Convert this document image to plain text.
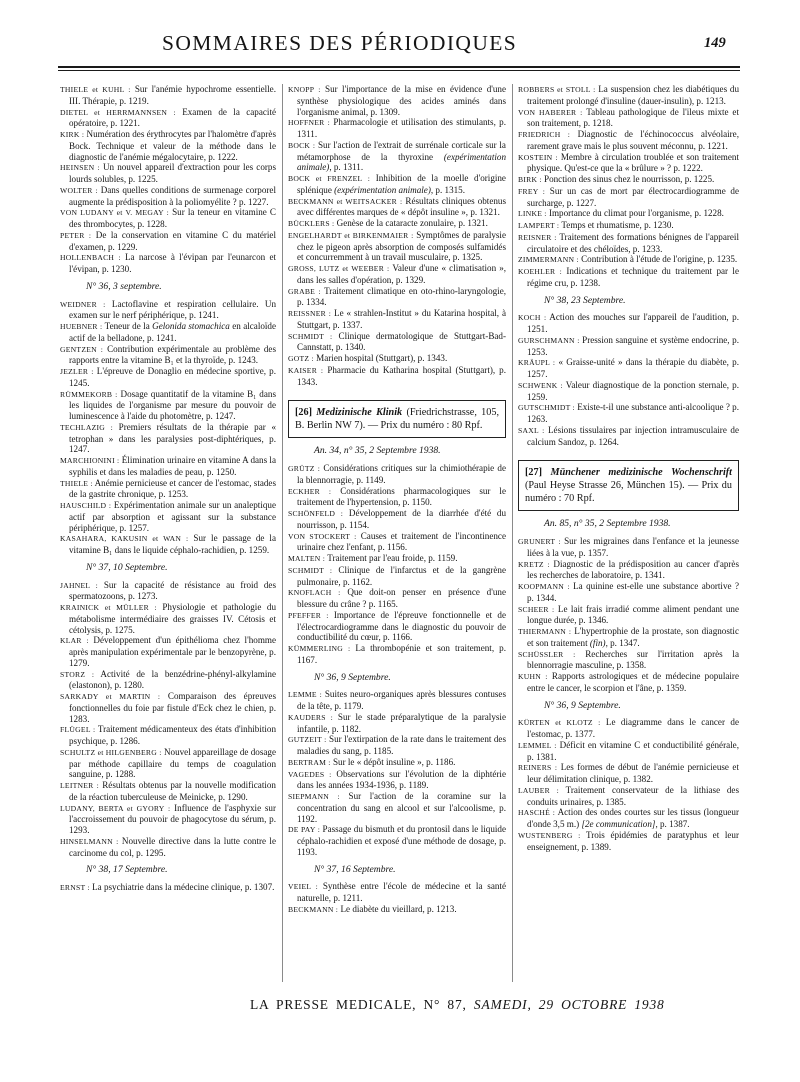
SOMMAIRES DES PÉRIODIQUES	149

THIELE et KUHL : Sur l'anémie hypochrome essentielle. III. Thérapie, p. 1219.

DIETEL et HERRMANNSEN : Examen de la capacité opératoire, p. 1221.

KIRK : Numération des érythrocytes par l'halomètre d'après Bock. Technique et valeur de la méthode dans le diagnostic de l'anémie mégalocytaire, p. 1222.

HEINSEN : Un nouvel appareil d'extraction pour les corps lourds solubles, p. 1225.

WOLTER : Dans quelles conditions de surmenage corporel augmente la prédisposition à la poliomyélite ? p. 1227.

VON LUDANY et V. MEGAY : Sur la teneur en vitamine C des thrombocytes, p. 1228.

PETER : De la conservation en vitamine C du matériel d'examen, p. 1229.

HOLLENBACH : La narcose à l'évipan par l'eunarcon et l'évipan, p. 1230.

N° 36, 3 septembre.

WEIDNER : Lactoflavine et respiration cellulaire. Un examen sur le nerf périphérique, p. 1241.

HUEBNER : Teneur de la Gelonida stomachica en alcaloïde actif de la belladone, p. 1241.

GENTZEN : Contribution expérimentale au problème des rapports entre la vitamine B₁ et la thyroïde, p. 1243.

JEZLER : L'épreuve de Donaglio en médecine sportive, p. 1245.

RÜMMEKORB : Dosage quantitatif de la vitamine B₁ dans les liquides de l'organisme par mesure du pouvoir de luminescence à l'aide du photomètre, p. 1247.

TECHLAZIG : Premiers résultats de la thérapie par « tetrophan » dans les paralysies post-diphtériques, p. 1247.

MARCHIONINI : Élimination urinaire en vitamine A dans la syphilis et dans les maladies de peau, p. 1250.

THIELE : Anémie pernicieuse et cancer de l'estomac, stades de la gastrite chronique, p. 1253.

HAUSCHILD : Expérimentation animale sur un analeptique actif par absorption et agissant sur la substance périphérique, p. 1257.

KASAHARA, KAKUSIN et WAN : Sur le passage de la vitamine B₁ dans le liquide céphalo-rachidien, p. 1259.

N° 37, 10 Septembre.

JAHNEL : Sur la capacité de résistance au froid des spermatozoons, p. 1273.

KRAINICK et MÜLLER : Physiologie et pathologie du métabolisme intermédiaire des graisses IV. Cétosis et cétolysis, p. 1275.

KLAR : Développement d'un épithélioma chez l'homme après manipulation expérimentale par le benzopyrène, p. 1279.

STORZ : Activité de la benzédrine-phényl-alkylamine (elastonon), p. 1280.

SARKADY et MARTIN : Comparaison des épreuves fonctionnelles du foie par fistule d'Eck chez le chien, p. 1283.

FLÜGEL : Traitement médicamenteux des états d'inhibition psychique, p. 1286.

SCHULTZ et HILGENBERG : Nouvel appareillage de dosage par méthode capillaire du temps de coagulation sanguine, p. 1288.

LEITNER : Résultats obtenus par la nouvelle modification de la réaction tuberculeuse de Meinicke, p. 1290.

LUDANY, BERTA et GYORY : Influence de l'asphyxie sur l'accroissement du pouvoir de phagocytose du sérum, p. 1293.

HINSELMANN : Nouvelle directive dans la lutte contre le carcinome du col, p. 1295.

N° 38, 17 Septembre.

ERNST : La psychiatrie dans la médecine clinique, p. 1307.

KNOPP : Sur l'importance de la mise en évidence d'une synthèse physiologique des acides aminés dans l'organisme animal, p. 1309.

HOFFNER : Pharmacologie et utilisation des stimulants, p. 1311.

BOCK : Sur l'action de l'extrait de surrénale corticale sur la métamorphose de la thyroxine (expérimentation animale), p. 1311.

BOCK et FRENZEL : Inhibition de la moelle d'origine splénique (expérimentation animale), p. 1315.

BECKMANN et WEITSACKER : Résultats cliniques obtenus avec différentes marques de « dépôt insuline », p. 1321.

BÜCKLERS : Genèse de la cataracte zonulaire, p. 1321.

ENGELHARDT et BIRKENMAIER : Symptômes de paralysie chez le pigeon après absorption de composés sulfamidés et concurremment à un travail musculaire, p. 1325.

GROSS, LUTZ et WEEBER : Valeur d'une « climatisation », dans les salles d'opération, p. 1329.

GRABE : Traitement climatique en oto-rhino-laryngologie, p. 1334.

REISSNER : Le « strahlen-Institut » du Katarina hospital, à Stuttgart, p. 1337.

SCHMIDT : Clinique dermatologique de Stuttgart-Bad-Cannstatt, p. 1340.

GOTZ : Marien hospital (Stuttgart), p. 1343.

KAISER : Pharmacie du Katharina hospital (Stuttgart), p. 1343.

[26] Medizinische Klinik (Friedrichstrasse, 105, B. Berlin NW 7). — Prix du numéro : 80 Rpf.
An. 34, n° 35, 2 Septembre 1938.

GRÜTZ : Considérations critiques sur la chimiothérapie de la blennorragie, p. 1149.

ECKHER : Considérations pharmacologiques sur le traitement de l'hypertension, p. 1150.

SCHÖNFELD : Développement de la diarrhée d'été du nourrisson, p. 1154.

VON STOCKERT : Causes et traitement de l'incontinence urinaire chez l'enfant, p. 1156.

MALTEN : Traitement par l'eau froide, p. 1159.

SCHMIDT : Clinique de l'infarctus et de la gangrène pulmonaire, p. 1162.

KNOFLACH : Que doit-on penser en présence d'une blessure du crâne ? p. 1165.

PFEFFER : Importance de l'épreuve fonctionnelle et de l'électrocardiogramme dans le diagnostic du pouvoir de conductibilité du cœur, p. 1166.

KÜMMERLING : La thrombopénie et son traitement, p. 1167.

N° 36, 9 Septembre.

LEMME : Suites neuro-organiques après blessures contuses de la tête, p. 1179.

KAUDERS : Sur le stade préparalytique de la paralysie infantile, p. 1182.

GUTZEIT : Sur l'extirpation de la rate dans le traitement des maladies du sang, p. 1185.

BERTRAM : Sur le « dépôt insuline », p. 1186.

VAGEDES : Observations sur l'évolution de la diphtérie dans les années 1934-1936, p. 1189.

SIEPMANN : Sur l'action de la coramine sur la concentration du sang en alcool et sur l'alcoolisme, p. 1192.

DE PAY : Passage du bismuth et du prontosil dans le liquide céphalo-rachidien et exposé d'une méthode de dosage, p. 1193.

N° 37, 16 Septembre.

VEIEL : Synthèse entre l'école de médecine et la santé naturelle, p. 1211.

BECKMANN : Le diabète du vieillard, p. 1213.

ROBBERS et STOLL : La suspension chez les diabétiques du traitement prolongé d'insuline (dauer-insulin), p. 1213.

VON HABERER : Tableau pathologique de l'ileus mixte et son traitement, p. 1218.

FRIEDRICH : Diagnostic de l'échinococcus alvéolaire, rarement grave mais le plus souvent méconnu, p. 1221.

KOSTEIN : Membre à circulation troublée et son traitement physique. Qu'est-ce que la « brûlure » ? p. 1222.

BIRK : Ponction des sinus chez le nourrisson, p. 1225.

FREY : Sur un cas de mort par électrocardiogramme de surcharge, p. 1227.

LINKE : Importance du climat pour l'organisme, p. 1228.

LAMPERT : Temps et rhumatisme, p. 1230.

REISNER : Traitement des formations bénignes de l'appareil circulatoire et des chéloïdes, p. 1233.

ZIMMERMANN : Contribution à l'étude de l'origine, p. 1235.

KOEHLER : Indications et technique du traitement par le régime cru, p. 1238.

N° 38, 23 Septembre.

KOCH : Action des mouches sur l'appareil de l'audition, p. 1251.

GURSCHMANN : Pression sanguine et système endocrine, p. 1253.

KRÄUPL : « Graisse-unité » dans la thérapie du diabète, p. 1257.

SCHWENK : Valeur diagnostique de la ponction sternale, p. 1259.

GUTSCHMIDT : Existe-t-il une substance anti-alcoolique ? p. 1263.

SAXL : Lésions tissulaires par injection intramusculaire de calcium Sandoz, p. 1264.

[27] Münchener medizinische Wochenschrift (Paul Heyse Strasse 26, München 15). — Prix du numéro : 70 Rpf.
An. 85, n° 35, 2 Septembre 1938.

GRUNERT : Sur les migraines dans l'enfance et la jeunesse liées à la vue, p. 1357.

KRETZ : Diagnostic de la prédisposition au cancer d'après les recherches de laboratoire, p. 1341.

KOOPMANN : La quinine est-elle une substance abortive ? p. 1344.

SCHEER : Le lait frais irradié comme aliment pendant une longue durée, p. 1346.

THIERMANN : L'hypertrophie de la prostate, son diagnostic et son traitement (fin), p. 1347.

SCHÜSSLER : Recherches sur l'irritation après la blennorragie masculine, p. 1358.

KUHN : Rapports astrologiques et de médecine populaire entre le cancer, le scorpion et l'âne, p. 1359.

N° 36, 9 Septembre.

KÜRTEN et KLOTZ : Le diagramme dans le cancer de l'estomac, p. 1377.

LEMMEL : Déficit en vitamine C et conductibilité générale, p. 1381.

REINERS : Les formes de début de l'anémie pernicieuse et leur délimitation clinique, p. 1382.

LAUBER : Traitement conservateur de la lithiase des conduits urinaires, p. 1385.

HASCHÉ : Action des ondes courtes sur les tissus (longueur d'onde 3,5 m.) [2e communication], p. 1387.

WUSTENBERG : Trois épidémies de paratyphus et leur enseignement, p. 1389.

LA PRESSE MEDICALE, N° 87, SAMEDI, 29 OCTOBRE 1938
